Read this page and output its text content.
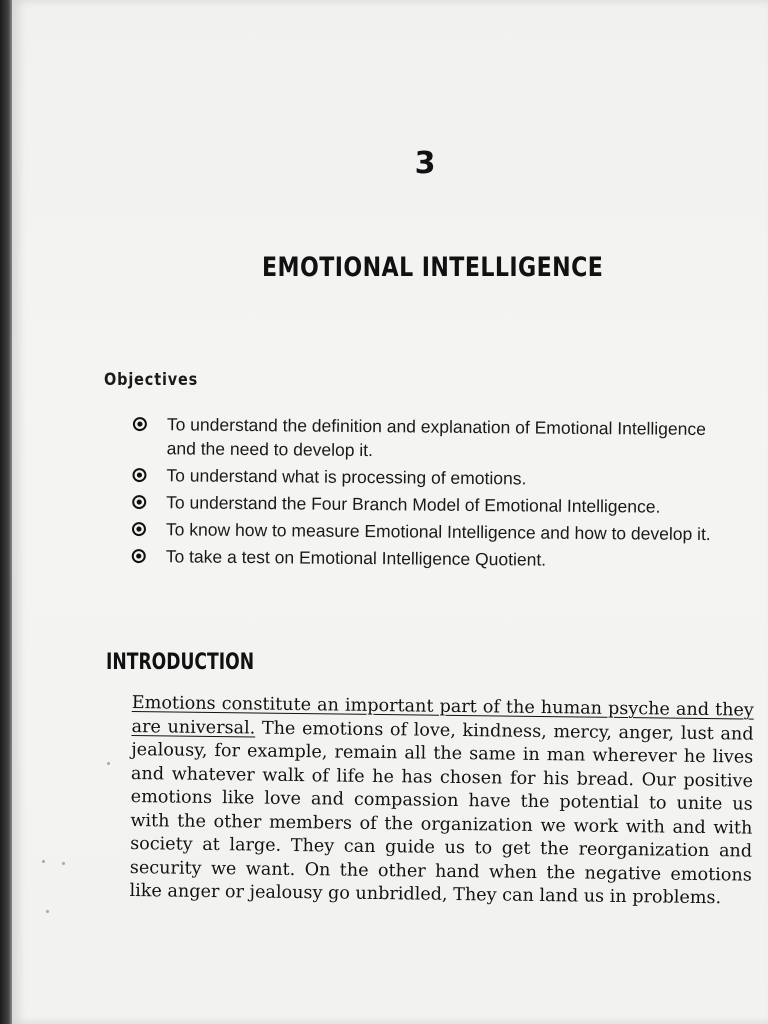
3
EMOTIONAL INTELLIGENCE
Objectives
To understand the definition and explanation of Emotional Intelligence and the need to develop it.
To understand what is processing of emotions.
To understand the Four Branch Model of Emotional Intelligence.
To know how to measure Emotional Intelligence and how to develop it.
To take a test on Emotional Intelligence Quotient.
INTRODUCTION
Emotions constitute an important part of the human psyche and they are universal. The emotions of love, kindness, mercy, anger, lust and jealousy, for example, remain all the same in man wherever he lives and whatever walk of life he has chosen for his bread. Our positive emotions like love and compassion have the potential to unite us with the other members of the organization we work with and with society at large. They can guide us to get the reorganization and security we want. On the other hand when the negative emotions like anger or jealousy go unbridled, They can land us in problems.
